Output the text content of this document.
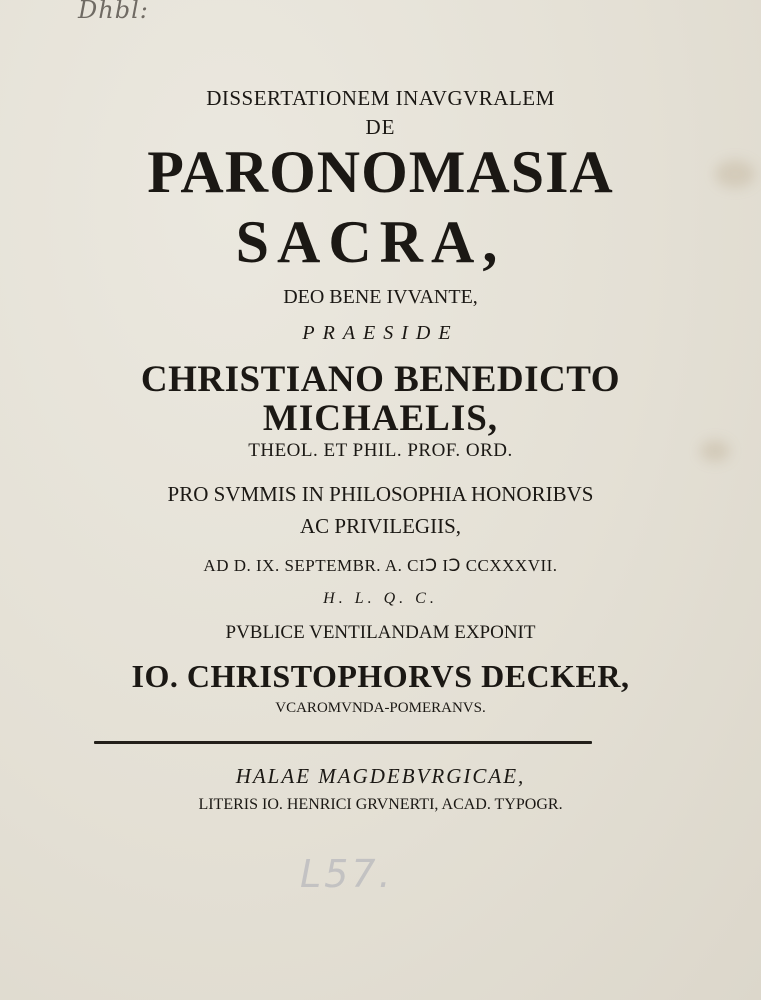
Dhbl:
DISSERTATIONEM INAVGVRALEM
DE
PARONOMASIA
SACRA,
DEO BENE IVVANTE,
PRAESIDE
CHRISTIANO BENEDICTO
MICHAELIS,
THEOL. ET PHIL. PROF. ORD.
PRO SVMMIS IN PHILOSOPHIA HONORIBVS
AC PRIVILEGIIS,
AD D. IX. SEPTEMBR. A. CIↃ IↃ CCXXXVII.
H. L. Q. C.
PVBLICE VENTILANDAM EXPONIT
IO. CHRISTOPHORVS DECKER,
VCAROMVNDA-POMERANVS.
HALAE MAGDEBVRGICAE,
LITERIS IO. HENRICI GRVNERTI, ACAD. TYPOGR.
L57.
